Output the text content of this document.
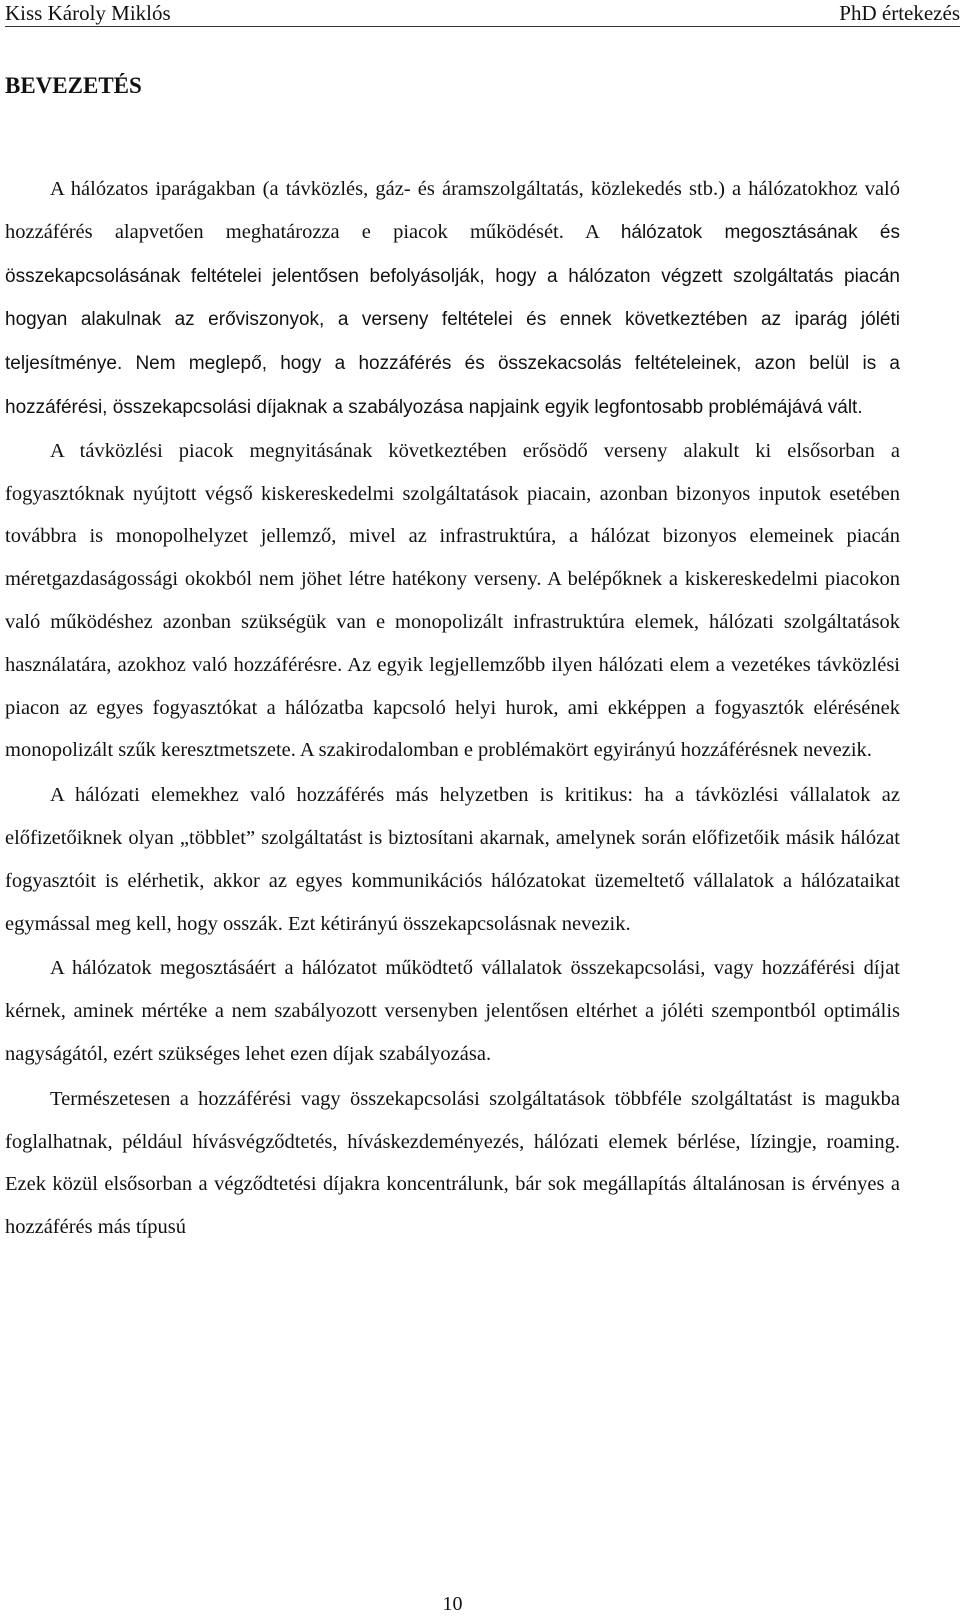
Kiss Károly Miklós	PhD értekezés
BEVEZETÉS

A hálózatos iparágakban (a távközlés, gáz- és áramszolgáltatás, közlekedés stb.) a hálózatokhoz való hozzáférés alapvetően meghatározza e piacok működését. A hálózatok megosztásának és összekapcsolásának feltételei jelentősen befolyásolják, hogy a hálózaton végzett szolgáltatás piacán hogyan alakulnak az erőviszonyok, a verseny feltételei és ennek következtében az iparág jóléti teljesítménye. Nem meglepő, hogy a hozzáférés és összekacsolás feltételeinek, azon belül is a hozzáférési, összekapcsolási díjaknak a szabályozása napjaink egyik legfontosabb problémájává vált.

A távközlési piacok megnyitásának következtében erősödő verseny alakult ki elsősorban a fogyasztóknak nyújtott végső kiskereskedelmi szolgáltatások piacain, azonban bizonyos inputok esetében továbbra is monopolhelyzet jellemző, mivel az infrastruktúra, a hálózat bizonyos elemeinek piacán méretgazdaságossági okokból nem jöhet létre hatékony verseny. A belépőknek a kiskereskedelmi piacokon való működéshez azonban szükségük van e monopolizált infrastruktúra elemek, hálózati szolgáltatások használatára, azokhoz való hozzáférésre. Az egyik legjellemzőbb ilyen hálózati elem a vezetékes távközlési piacon az egyes fogyasztókat a hálózatba kapcsoló helyi hurok, ami ekképpen a fogyasztók elérésének monopolizált szűk keresztmetszete. A szakirodalomban e problémakört egyirányú hozzáférésnek nevezik.

A hálózati elemekhez való hozzáférés más helyzetben is kritikus: ha a távközlési vállalatok az előfizetőiknek olyan „többlet” szolgáltatást is biztosítani akarnak, amelynek során előfizetőik másik hálózat fogyasztóit is elérhetik, akkor az egyes kommunikációs hálózatokat üzemeltető vállalatok a hálózataikat egymással meg kell, hogy osszák. Ezt kétirányú összekapcsolásnak nevezik.

A hálózatok megosztásáért a hálózatot működtető vállalatok összekapcsolási, vagy hozzáférési díjat kérnek, aminek mértéke a nem szabályozott versenyben jelentősen eltérhet a jóléti szempontból optimális nagyságától, ezért szükséges lehet ezen díjak szabályozása.

Természetesen a hozzáférési vagy összekapcsolási szolgáltatások többféle szolgáltatást is magukba foglalhatnak, például hívásvégződtetés, híváskezdeményezés, hálózati elemek bérlése, lízingje, roaming. Ezek közül elsősorban a végződtetési díjakra koncentrálunk, bár sok megállapítás általánosan is érvényes a hozzáférés más típusú

10
